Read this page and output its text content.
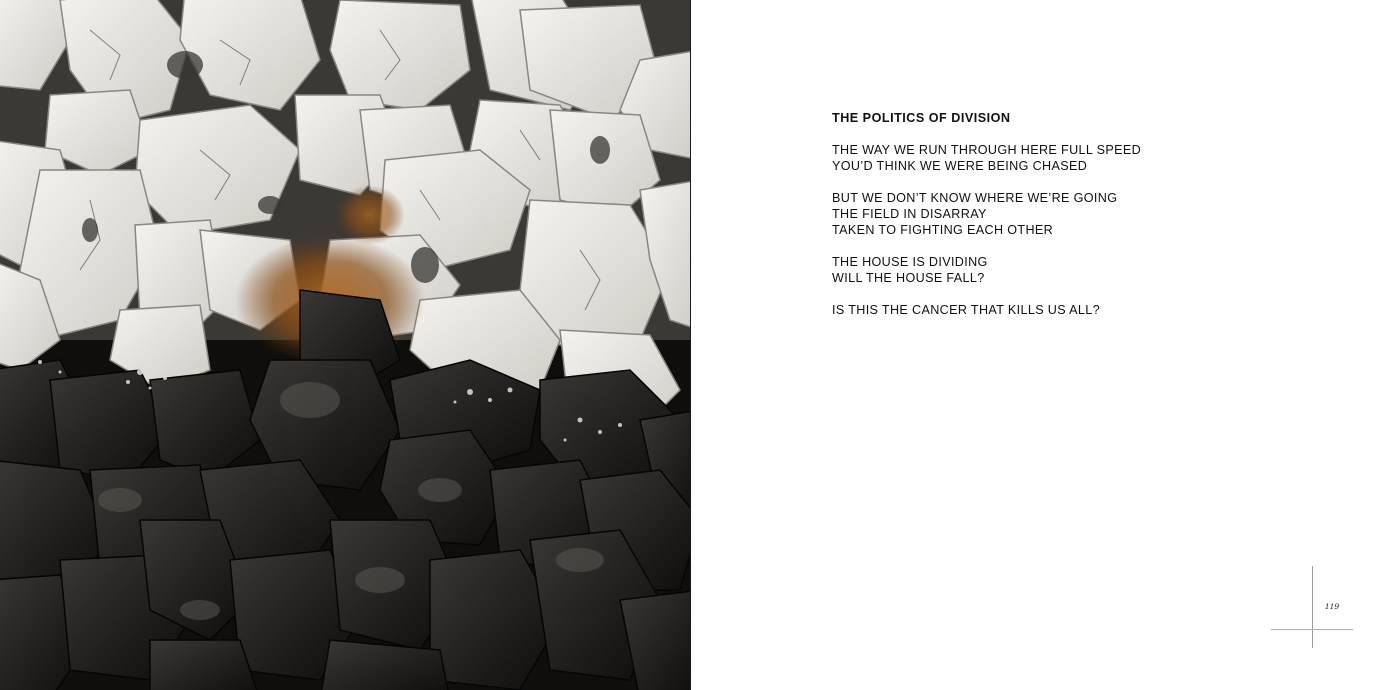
THE POLITICS OF DIVISION
THE WAY WE RUN THROUGH HERE FULL SPEED
YOU’D THINK WE WERE BEING CHASED
BUT WE DON’T KNOW WHERE WE’RE GOING
THE FIELD IN DISARRAY
TAKEN TO FIGHTING EACH OTHER
THE HOUSE IS DIVIDING
WILL THE HOUSE FALL?
IS THIS THE CANCER THAT KILLS US ALL?
119
